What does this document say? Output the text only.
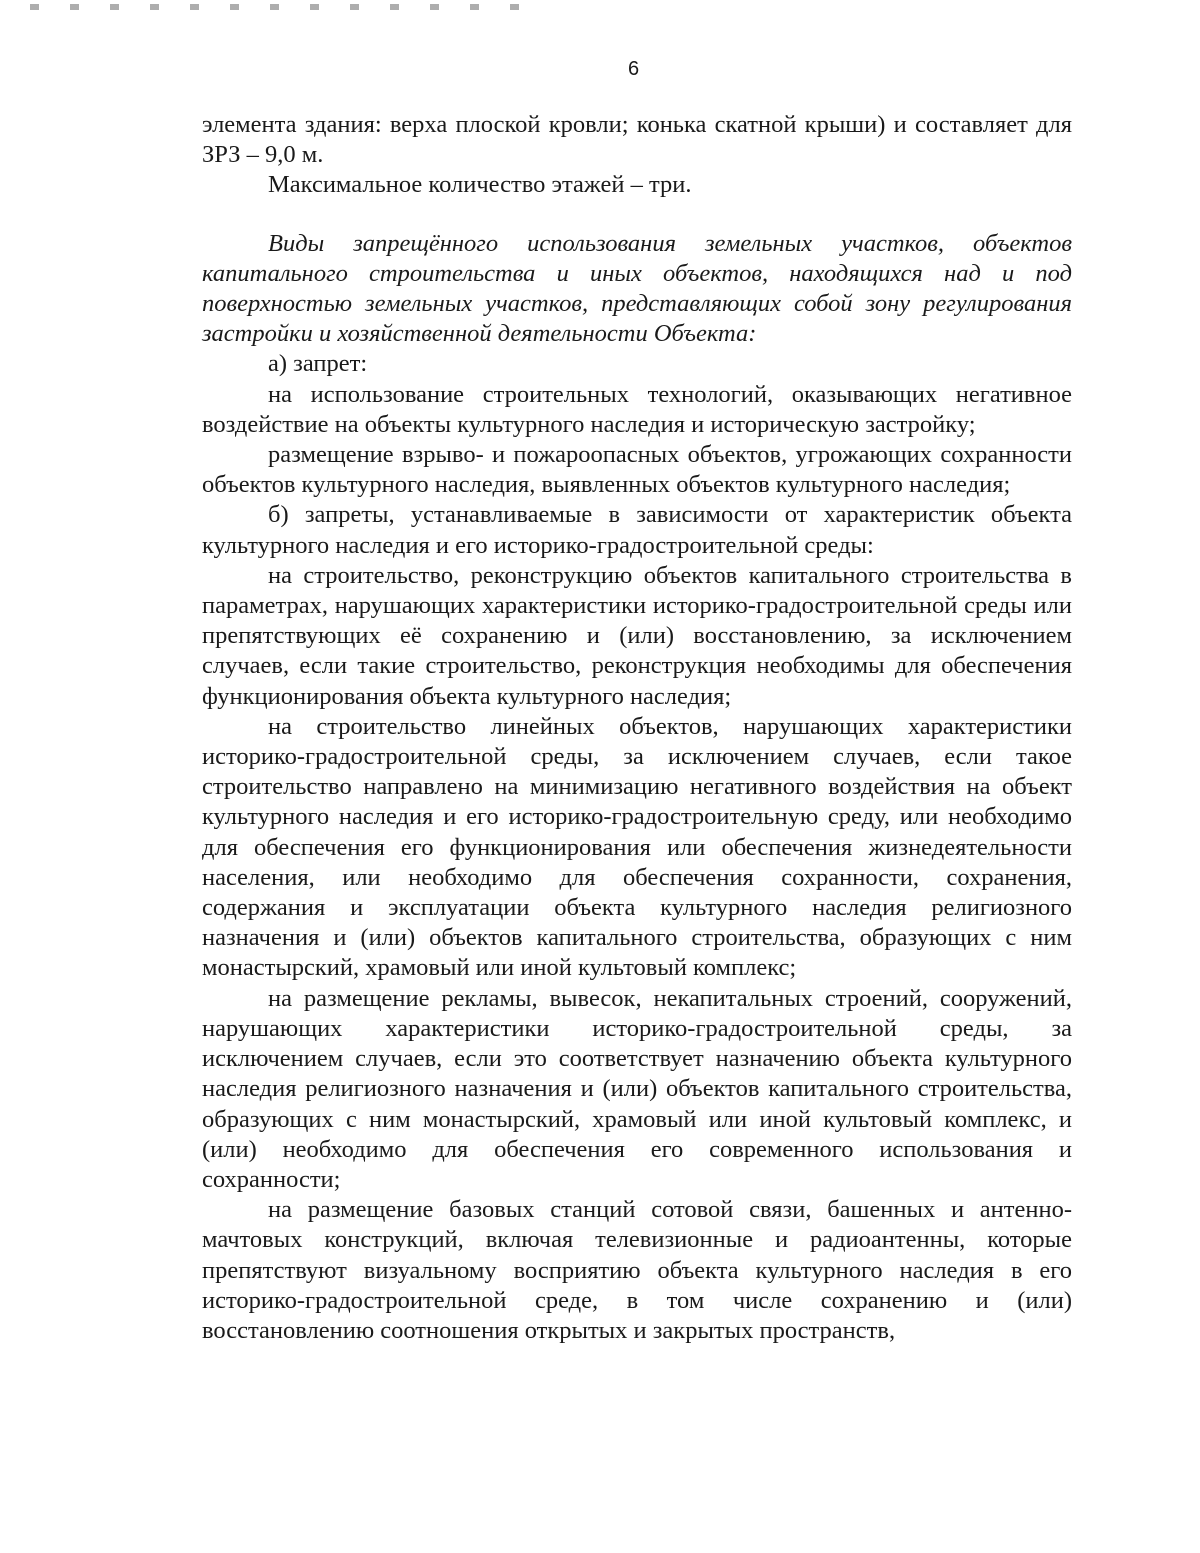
6

элемента здания: верха плоской кровли; конька скатной крыши) и составляет для ЗРЗ – 9,0 м.

Максимальное количество этажей – три.

Виды запрещённого использования земельных участков, объектов капитального строительства и иных объектов, находящихся над и под поверхностью земельных участков, представляющих собой зону регулирования застройки и хозяйственной деятельности Объекта:

а) запрет:

на использование строительных технологий, оказывающих негативное воздействие на объекты культурного наследия и историческую застройку;

размещение взрыво- и пожароопасных объектов, угрожающих сохранности объектов культурного наследия, выявленных объектов культурного наследия;

б) запреты, устанавливаемые в зависимости от характеристик объекта культурного наследия и его историко-градостроительной среды:

на строительство, реконструкцию объектов капитального строительства в параметрах, нарушающих характеристики историко-градостроительной среды или препятствующих её сохранению и (или) восстановлению, за исключением случаев, если такие строительство, реконструкция необходимы для обеспечения функционирования объекта культурного наследия;

на строительство линейных объектов, нарушающих характеристики историко-градостроительной среды, за исключением случаев, если такое строительство направлено на минимизацию негативного воздействия на объект культурного наследия и его историко-градостроительную среду, или необходимо для обеспечения его функционирования или обеспечения жизнедеятельности населения, или необходимо для обеспечения сохранности, сохранения, содержания и эксплуатации объекта культурного наследия религиозного назначения и (или) объектов капитального строительства, образующих с ним монастырский, храмовый или иной культовый комплекс;

на размещение рекламы, вывесок, некапитальных строений, сооружений, нарушающих характеристики историко-градостроительной среды, за исключением случаев, если это соответствует назначению объекта культурного наследия религиозного назначения и (или) объектов капитального строительства, образующих с ним монастырский, храмовый или иной культовый комплекс, и (или) необходимо для обеспечения его современного использования и сохранности;

на размещение базовых станций сотовой связи, башенных и антенно-мачтовых конструкций, включая телевизионные и радиоантенны, которые препятствуют визуальному восприятию объекта культурного наследия в его историко-градостроительной среде, в том числе сохранению и (или) восстановлению соотношения открытых и закрытых пространств,
